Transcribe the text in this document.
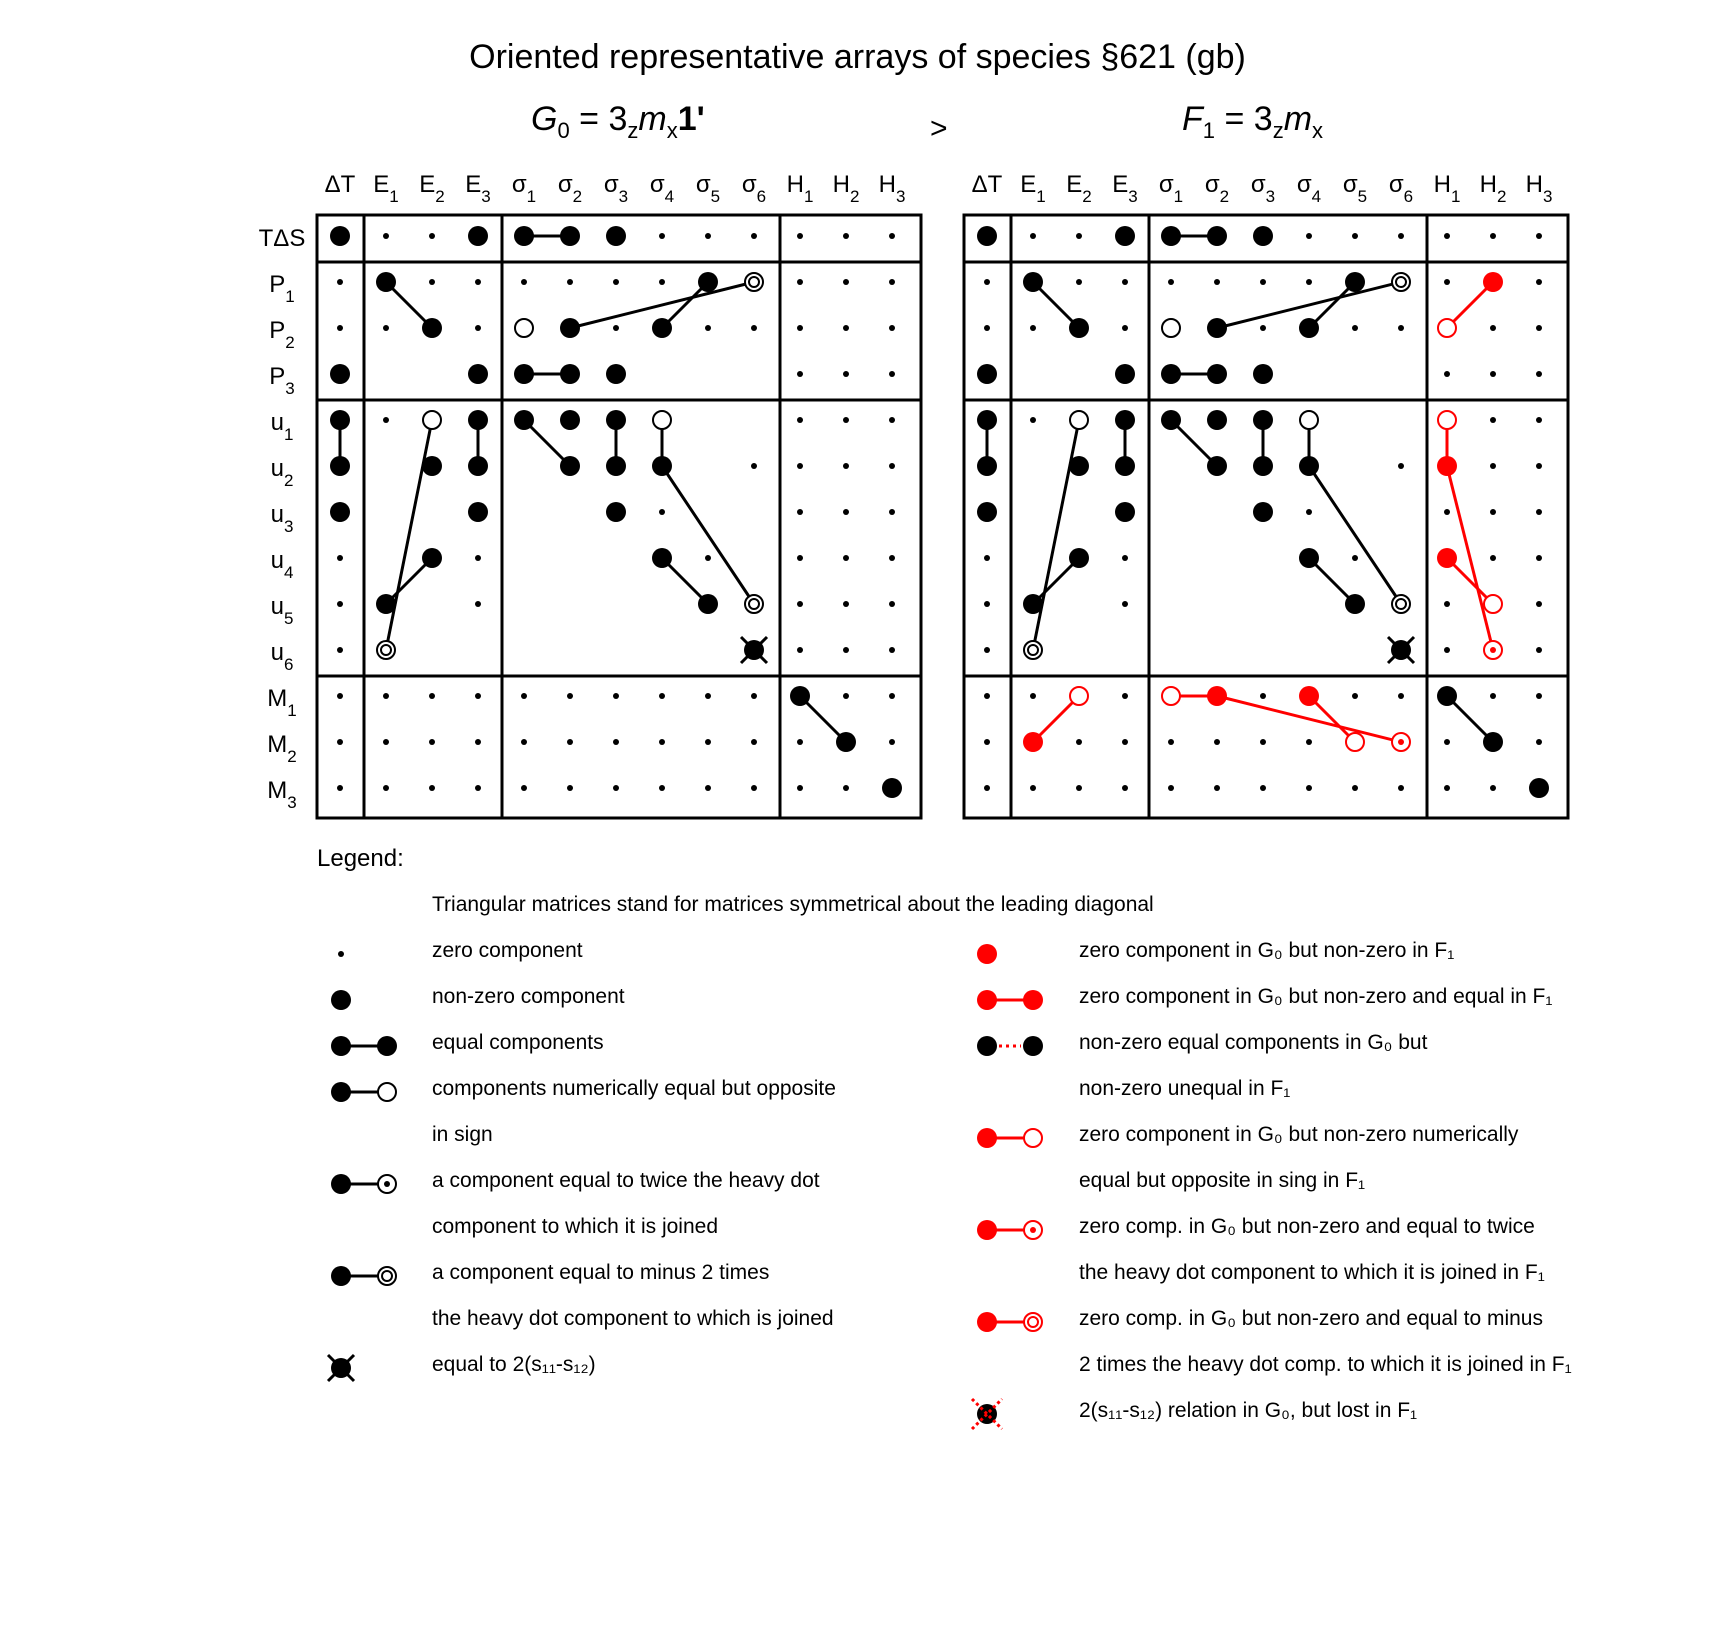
Oriented representative arrays of species §621 (gb)
$G_0 = 3_zm_x1'$	>	$F_1 = 3_zm_x$
ΔT $E_1$ $E_2$ $E_3$ $\sigma_1$ $\sigma_2$ $\sigma_3$ $\sigma_4$ $\sigma_5$ $\sigma_6$ $H_1$ $H_2$ $H_3$
TΔS
$P_1$
$P_2$
$P_3$
$u_1$
$u_2$
$u_3$
$u_4$
$u_5$
$u_6$
$M_1$
$M_2$
$M_3$
ΔT $E_1$ $E_2$ $E_3$ $\sigma_1$ $\sigma_2$ $\sigma_3$ $\sigma_4$ $\sigma_5$ $\sigma_6$ $H_1$ $H_2$ $H_3$
Legend:
Triangular matrices stand for matrices symmetrical about the leading diagonal
zero component
non-zero component
equal components
components numerically equal but opposite
in sign
a component equal to twice the heavy dot
component to which it is joined
a component equal to minus 2 times
the heavy dot component to which is joined
equal to 2(s₁₁-s₁₂)
zero component in G₀ but non-zero in F₁
zero component in G₀ but non-zero and equal in F₁
non-zero equal components in G₀ but
non-zero unequal in F₁
zero component in G₀ but non-zero numerically
equal but opposite in sing in F₁
zero comp. in G₀ but non-zero and equal to twice
the heavy dot component to which it is joined in F₁
zero comp. in G₀ but non-zero and equal to minus
2 times the heavy dot comp. to which it is joined in F₁
2(s₁₁-s₁₂) relation in G₀, but lost in F₁
